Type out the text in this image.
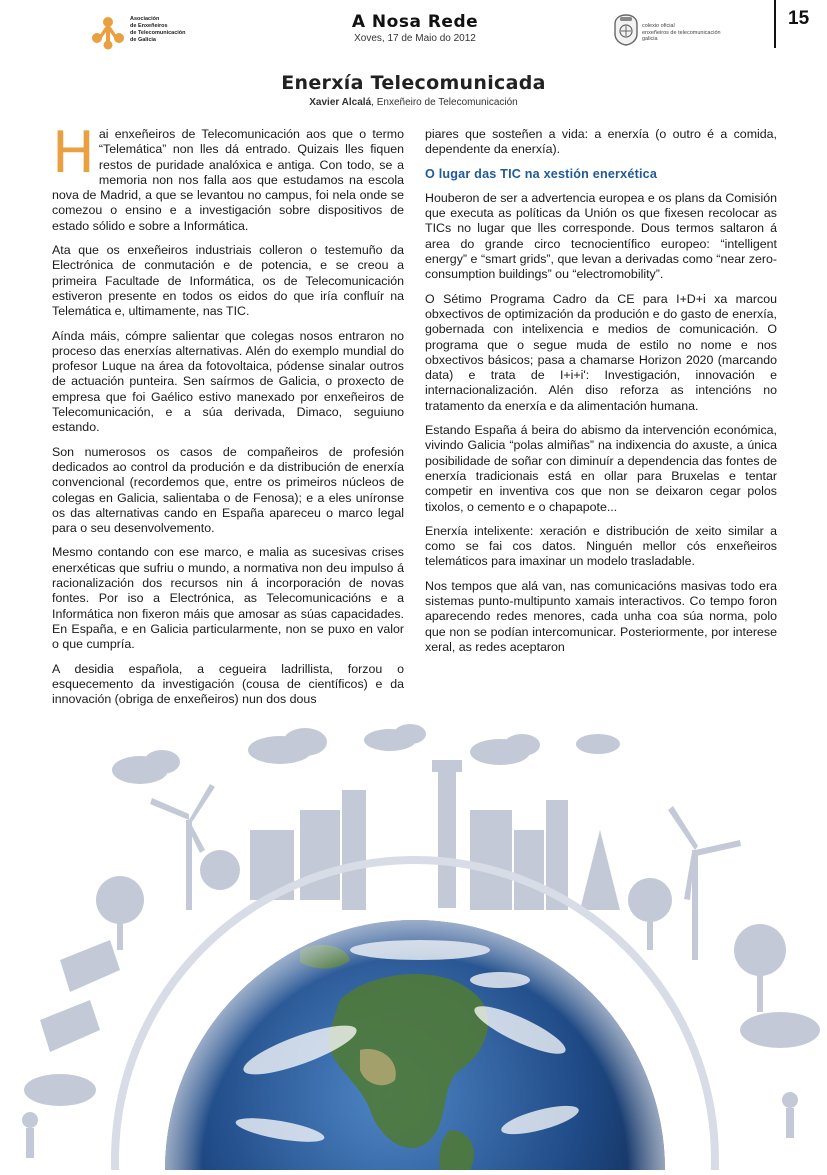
Asociación
de Enxeñeiros
de Telecomunicación
de Galicia
A Nosa Rede
Xoves, 17 de Maio do 2012
colexio oficial
enxeñeiros de telecomunicación
galicia
15
Enerxía Telecomunicada
Xavier Alcalá, Enxeñeiro de Telecomunicación

Hai enxeñeiros de Telecomunicación aos que o termo “Telemática” non lles dá entrado. Quizais lles fiquen restos de puridade analóxica e antiga. Con todo, se a memoria non nos falla aos que estudamos na escola nova de Madrid, a que se levantou no campus, foi nela onde se comezou o ensino e a investigación sobre dispositivos de estado sólido e sobre a Informática.

Ata que os enxeñeiros industriais colleron o testemuño da Electrónica de conmutación e de potencia, e se creou a primeira Facultade de Informática, os de Telecomunicación estiveron presente en todos os eidos do que iría confluír na Telemática e, ultimamente, nas TIC.

Aínda máis, cómpre salientar que colegas nosos entraron no proceso das enerxías alternativas. Alén do exemplo mundial do profesor Luque na área da fotovoltaica, pódense sinalar outros de actuación punteira. Sen saírmos de Galicia, o proxecto de empresa que foi Gaélico estivo manexado por enxeñeiros de Telecomunicación, e a súa derivada, Dimaco, seguiuno estando.

Son numerosos os casos de compañeiros de profesión dedicados ao control da produción e da distribución de enerxía convencional (recordemos que, entre os primeiros núcleos de colegas en Galicia, salientaba o de Fenosa); e a eles uníronse os das alternativas cando en España apareceu o marco legal para o seu desenvolvemento.

Mesmo contando con ese marco, e malia as sucesivas crises enerxéticas que sufriu o mundo, a normativa non deu impulso á racionalización dos recursos nin á incorporación de novas fontes. Por iso a Electrónica, as Telecomunicacións e a Informática non fixeron máis que amosar as súas capacidades. En España, e en Galicia particularmente, non se puxo en valor o que cumpría.

A desidia española, a cegueira ladrillista, forzou o esquecemento da investigación (cousa de científicos) e da innovación (obriga de enxeñeiros) nun dos dous

piares que sosteñen a vida: a enerxía (o outro é a comida, dependente da enerxía).

O lugar das TIC na xestión enerxética

Houberon de ser a advertencia europea e os plans da Comisión que executa as políticas da Unión os que fixesen recolocar as TICs no lugar que lles corresponde. Dous termos saltaron á area do grande circo tecnocientífico europeo: “intelligent energy” e “smart grids”, que levan a derivadas como “near zero-consumption buildings” ou “electromobility”.

O Sétimo Programa Cadro da CE para I+D+i xa marcou obxectivos de optimización da produción e do gasto de enerxía, gobernada con intelixencia e medios de comunicación. O programa que o segue muda de estilo no nome e nos obxectivos básicos; pasa a chamarse Horizon 2020 (marcando data) e trata de I+i+i': Investigación, innovación e internacionalización. Alén diso reforza as intencións no tratamento da enerxía e da alimentación humana.

Estando España á beira do abismo da intervención económica, vivindo Galicia “polas almiñas” na indixencia do axuste, a única posibilidade de soñar con diminuír a dependencia das fontes de enerxía tradicionais está en ollar para Bruxelas e tentar competir en inventiva cos que non se deixaron cegar polos tixolos, o cemento e o chapapote...

Enerxía intelixente: xeración e distribución de xeito similar a como se fai cos datos. Ninguén mellor cós enxeñeiros telemáticos para imaxinar un modelo trasladable.

Nos tempos que alá van, nas comunicacións masivas todo era sistemas punto-multipunto xamais interactivos. Co tempo foron aparecendo redes menores, cada unha coa súa norma, polo que non se podían intercomunicar. Posteriormente, por interese xeral, as redes aceptaron
